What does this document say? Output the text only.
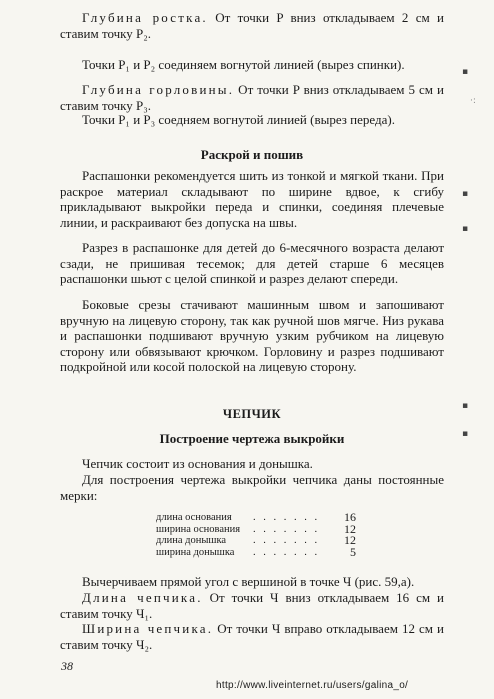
Глубина ростка. От точки P вниз откладываем 2 см и ставим точку P₂.

Точки P₁ и P₂ соединяем вогнутой линией (вырез спинки).

Глубина горловины. От точки P вниз откладываем 5 см и ставим точку P₃.

Точки P₁ и P₃ соедняем вогнутой линией (вырез переда).

Раскрой и пошив

Распашонки рекомендуется шить из тонкой и мягкой ткани. При раскрое материал складывают по ширине вдвое, к сгибу прикладывают выкройки переда и спинки, соединяя плечевые линии, и раскраивают без допуска на швы.

Разрез в распашонке для детей до 6-месячного возраста делают сзади, не пришивая тесемок; для детей старше 6 месяцев распашонки шьют с целой спинкой и разрез делают спереди.

Боковые срезы стачивают машинным швом и запошивают вручную на лицевую сторону, так как ручной шов мягче. Низ рукава и распашонки подшивают вручную узким рубчиком на лицевую сторону или обвязывают крючком. Горловину и разрез подшивают подкройной или косой полоской на лицевую сторону.

ЧЕПЧИК

Построение чертежа выкройки

Чепчик состоит из основания и донышка.

Для построения чертежа выкройки чепчика даны постоянные мерки:

длина основания	. . . . . . .	16
ширина основания	. . . . . . .	12
длина донышка	. . . . . . .	12
ширина донышка	. . . . . . .	5

Вычерчиваем прямой угол с вершиной в точке Ч (рис. 59,а).

Длина чепчика. От точки Ч вниз откладываем 16 см и ставим точку Ч₁.

Ширина чепчика. От точки Ч вправо откладываем 12 см и ставим точку Ч₂.

38
http://www.liveinternet.ru/users/galina_o/
▪
·:
▪
▪
▪
▪
